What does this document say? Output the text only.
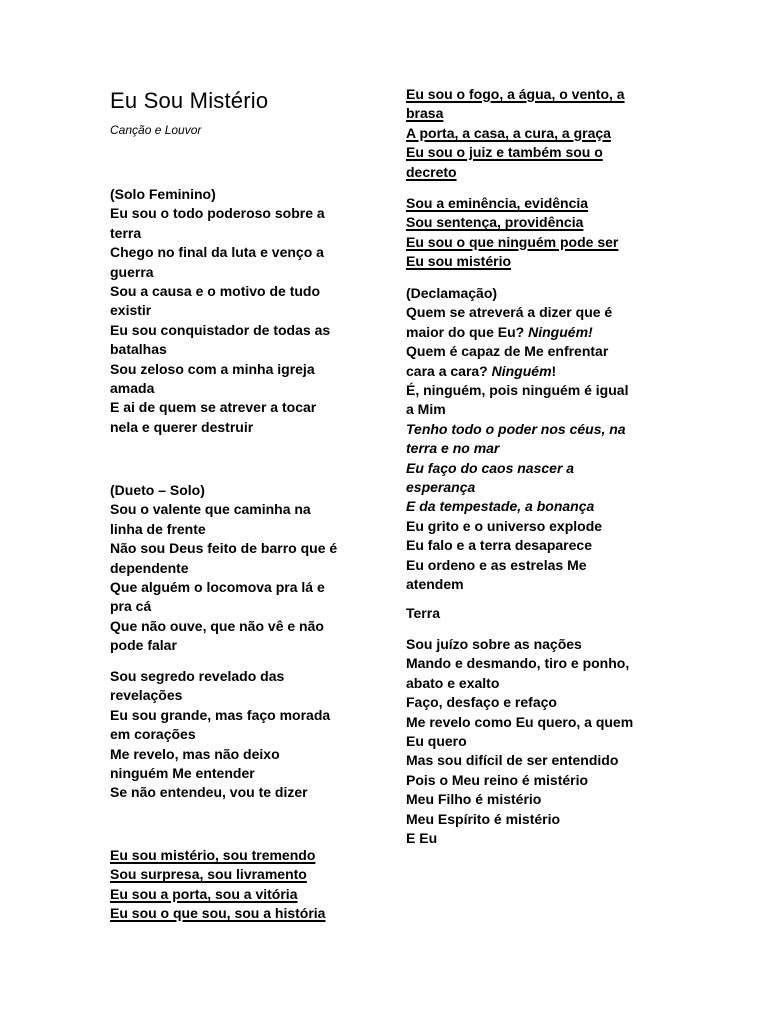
Eu Sou Mistério

Canção e Louvor

(Solo Feminino)
Eu sou o todo poderoso sobre a
terra
Chego no final da luta e venço a
guerra
Sou a causa e o motivo de tudo
existir
Eu sou conquistador de todas as
batalhas
Sou zeloso com a minha igreja
amada
E ai de quem se atrever a tocar
nela e querer destruir
(Dueto – Solo)
Sou o valente que caminha na
linha de frente
Não sou Deus feito de barro que é
dependente
Que alguém o locomova pra lá e
pra cá
Que não ouve, que não vê e não
pode falar
Sou segredo revelado das
revelações
Eu sou grande, mas faço morada
em corações
Me revelo, mas não deixo
ninguém Me entender
Se não entendeu, vou te dizer
Eu sou mistério, sou tremendo
Sou surpresa, sou livramento
Eu sou a porta, sou a vitória
Eu sou o que sou, sou a história
Eu sou o fogo, a água, o vento, a
brasa
A porta, a casa, a cura, a graça
Eu sou o juiz e também sou o
decreto
Sou a eminência, evidência
Sou sentença, providência
Eu sou o que ninguém pode ser
Eu sou mistério
(Declamação)
Quem se atreverá a dizer que é
maior do que Eu? Ninguém!
Quem é capaz de Me enfrentar
cara a cara? Ninguém!
É, ninguém, pois ninguém é igual
a Mim
Tenho todo o poder nos céus, na
terra e no mar
Eu faço do caos nascer a
esperança
E da tempestade, a bonança
Eu grito e o universo explode
Eu falo e a terra desaparece
Eu ordeno e as estrelas Me
atendem
Terra
Sou juízo sobre as nações
Mando e desmando, tiro e ponho,
abato e exalto
Faço, desfaço e refaço
Me revelo como Eu quero, a quem
Eu quero
Mas sou difícil de ser entendido
Pois o Meu reino é mistério
Meu Filho é mistério
Meu Espírito é mistério
E Eu
